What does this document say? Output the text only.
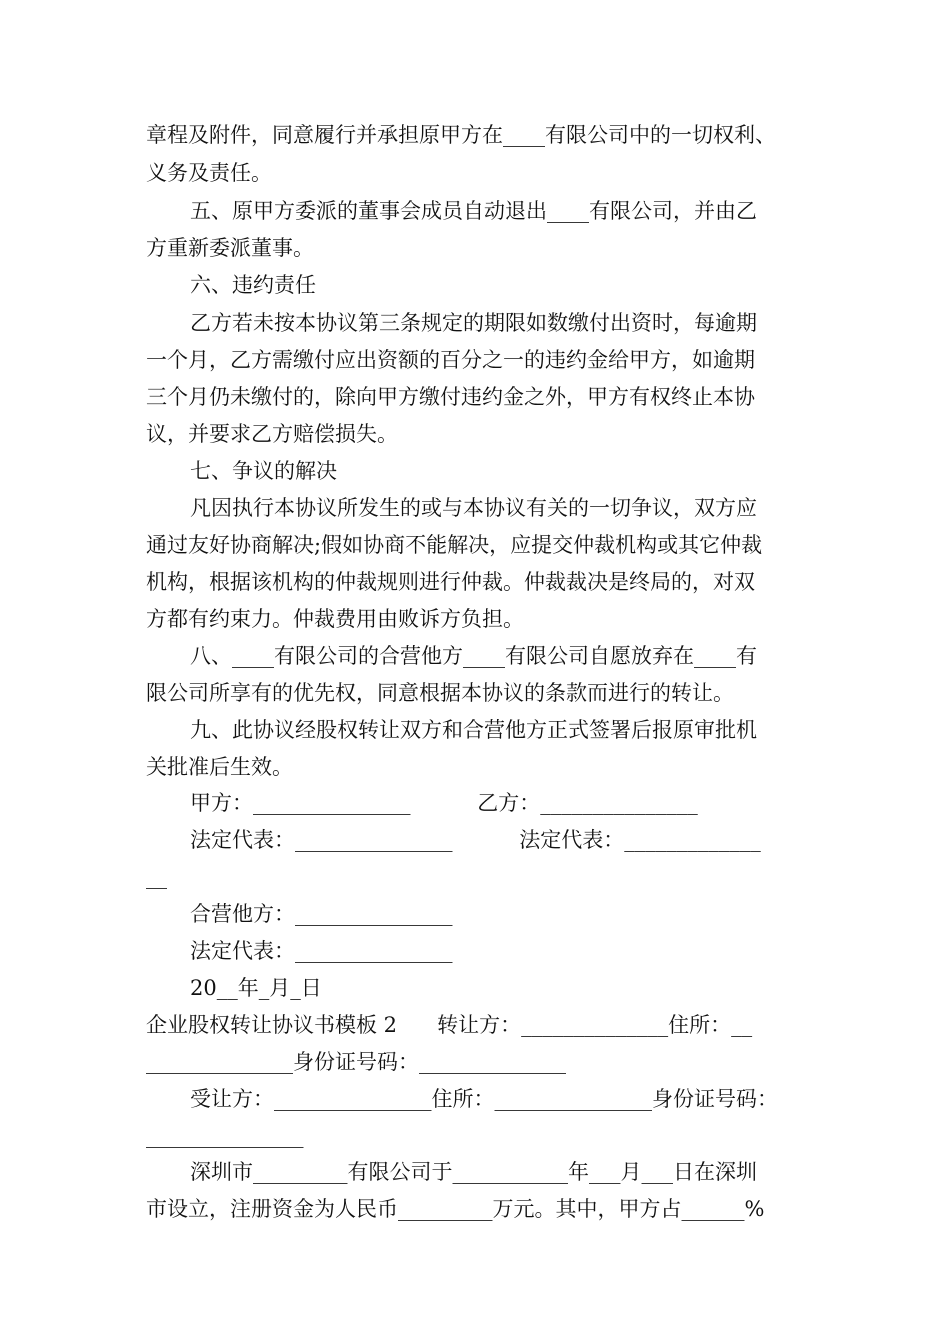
章程及附件，同意履行并承担原甲方在____有限公司中的一切权利、
义务及责任。
五、原甲方委派的董事会成员自动退出____有限公司，并由乙
方重新委派董事。
六、违约责任
乙方若未按本协议第三条规定的期限如数缴付出资时，每逾期
一个月，乙方需缴付应出资额的百分之一的违约金给甲方，如逾期
三个月仍未缴付的，除向甲方缴付违约金之外，甲方有权终止本协
议，并要求乙方赔偿损失。
七、争议的解决
凡因执行本协议所发生的或与本协议有关的一切争议，双方应
通过友好协商解决;假如协商不能解决，应提交仲裁机构或其它仲裁
机构，根据该机构的仲裁规则进行仲裁。仲裁裁决是终局的，对双
方都有约束力。仲裁费用由败诉方负担。
八、____有限公司的合营他方____有限公司自愿放弃在____有
限公司所享有的优先权，同意根据本协议的条款而进行的转让。
九、此协议经股权转让双方和合营他方正式签署后报原审批机
关批准后生效。
甲方：_______________          乙方：_______________
法定代表：_______________          法定代表：_____________
__
合营他方：_______________
法定代表：_______________
20__年_月_日
企业股权转让协议书模板 2      转让方：______________住所：__
______________身份证号码：______________
受让方：_______________住所：_______________身份证号码：
_______________
深圳市_________有限公司于___________年___月___日在深圳
市设立，注册资金为人民币_________万元。其中，甲方占______%
